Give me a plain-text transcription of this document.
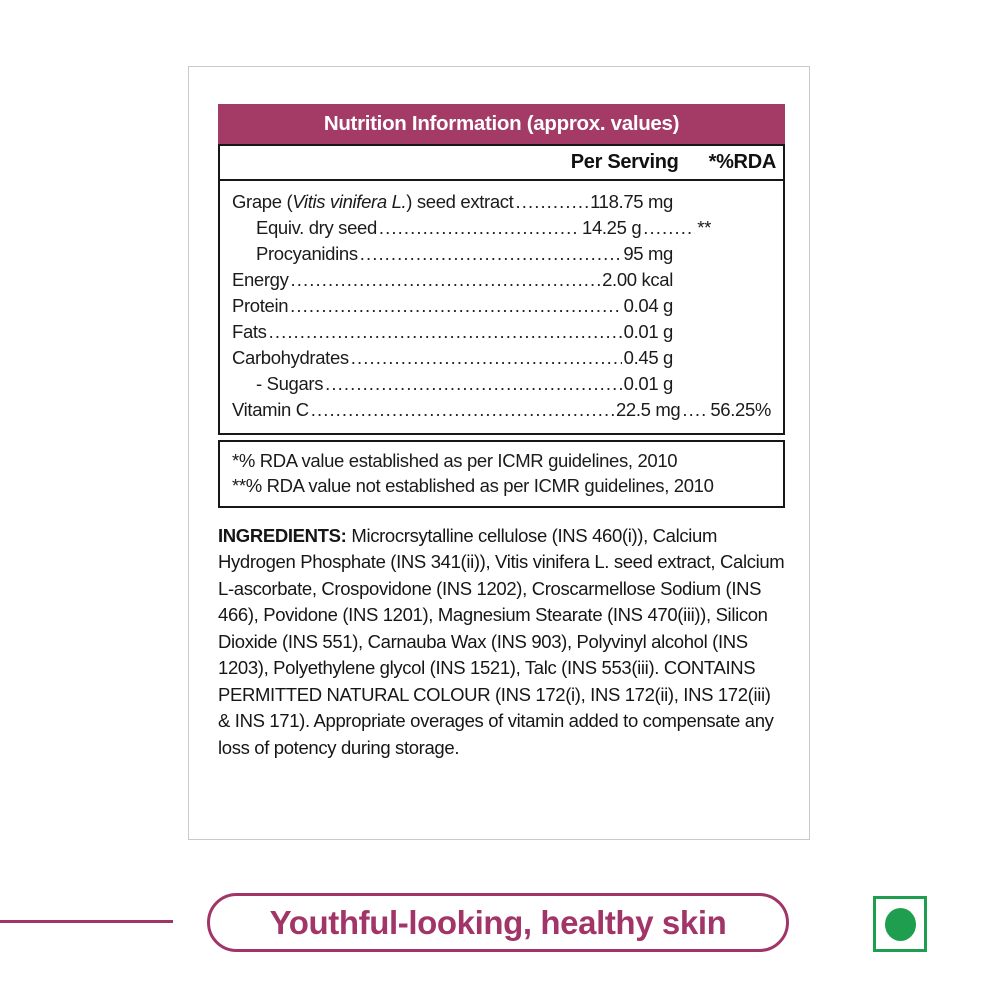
Nutrition Information (approx. values)
Per Serving *%RDA
Grape (Vitis vinifera L.) seed extract .....	118.75 mg
Equiv. dry seed .....	14.25 g .....	**
Procyanidins .....	95 mg
Energy .....	2.00 kcal
Protein .....	0.04 g
Fats .....	0.01 g
Carbohydrates .....	0.45 g
- Sugars .....	0.01 g
Vitamin C .....	22.5 mg ..... 56.25%
*% RDA value established as per ICMR guidelines, 2010
**% RDA value not established as per ICMR guidelines, 2010
INGREDIENTS: Microcrsytalline cellulose (INS 460(i)), Calcium Hydrogen Phosphate (INS 341(ii)), Vitis vinifera L. seed extract, Calcium L-ascorbate, Crospovidone (INS 1202), Croscarmellose Sodium (INS 466), Povidone (INS 1201), Magnesium Stearate (INS 470(iii)), Silicon Dioxide (INS 551), Carnauba Wax (INS 903), Polyvinyl alcohol (INS 1203), Polyethylene glycol (INS 1521), Talc (INS 553(iii). CONTAINS PERMITTED NATURAL COLOUR (INS 172(i), INS 172(ii), INS 172(iii) & INS 171). Appropriate overages of vitamin added to compensate any loss of potency during storage.
Youthful-looking, healthy skin
